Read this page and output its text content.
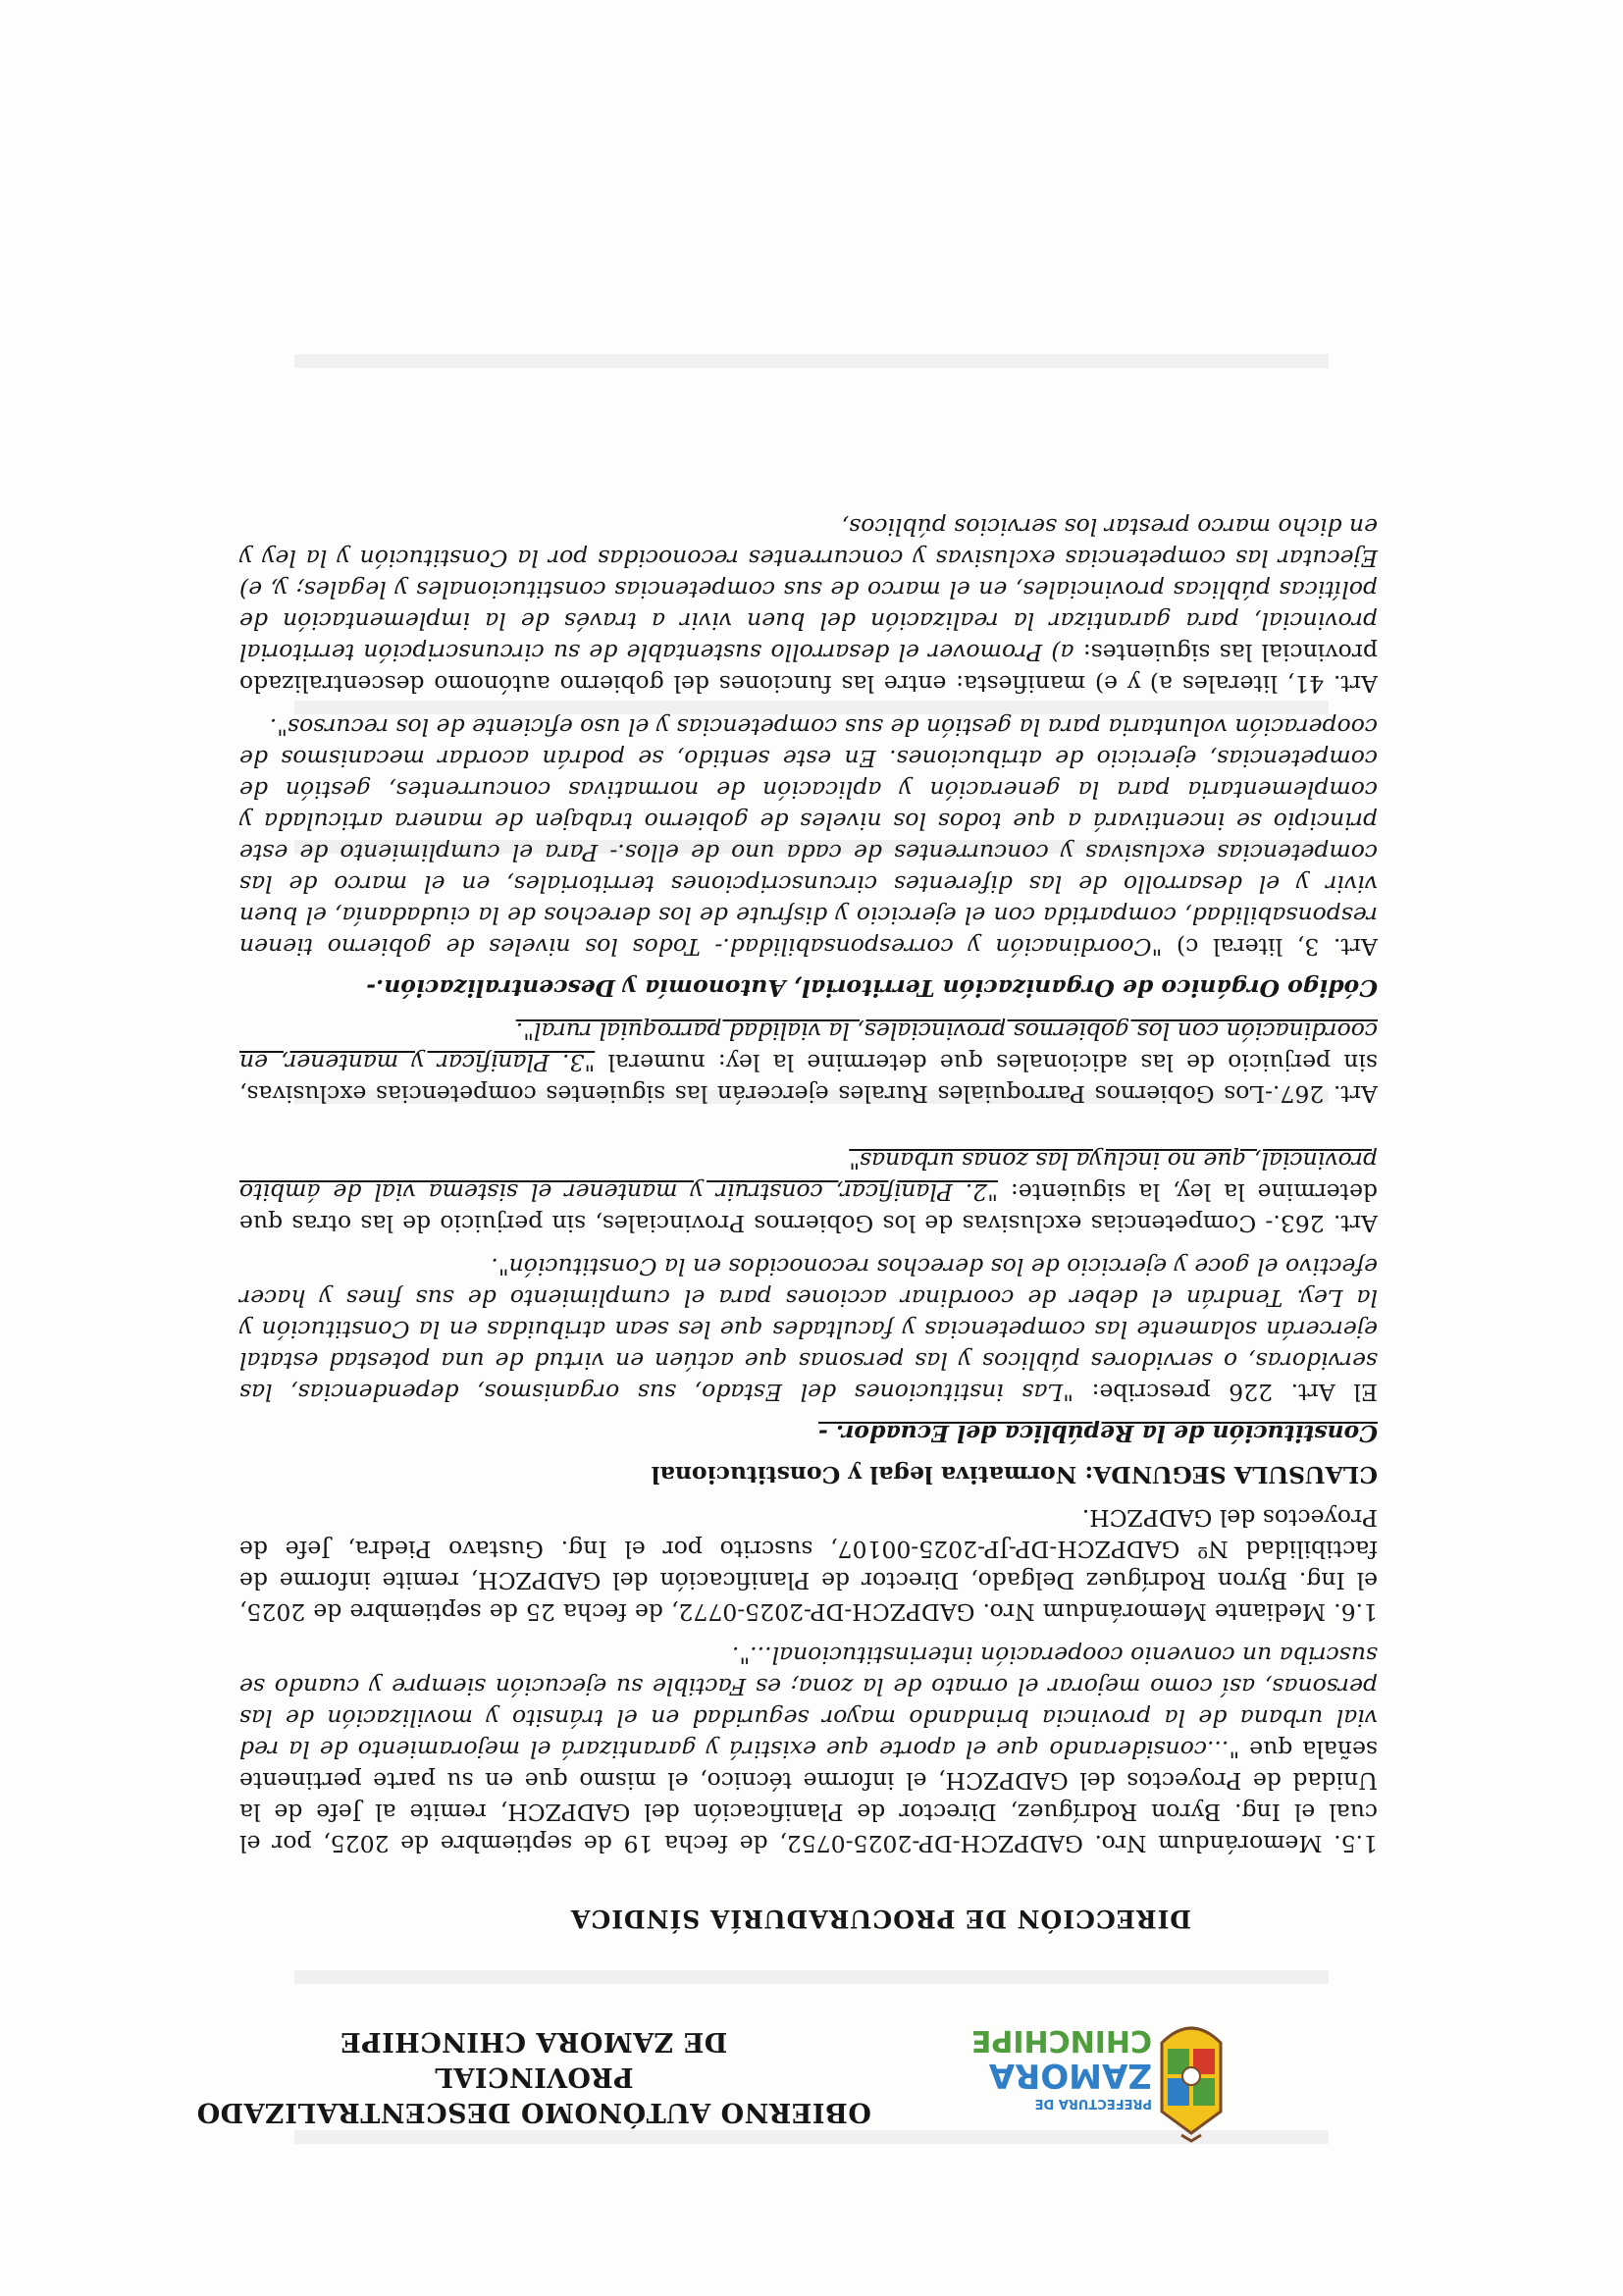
PREFECTURA DE
ZAMORA
CHINCHIPE

OBIERNO AUTÓNOMO DESCENTRALIZADO PROVINCIAL

DE ZAMORA CHINCHIPE

DIRECCIÓN DE PROCURADURÍA SÍNDICA

1.5. Memorándum Nro. GADPZCH-DP-2025-0752, de fecha 19 de septiembre de 2025, por el cual el Ing. Byron Rodríguez, Director de Planificación del GADPZCH, remite al Jefe de la Unidad de Proyectos del GADPZCH, el informe técnico, el mismo que en su parte pertinente señala que "...considerando que el aporte que existirá y garantizará el mejoramiento de la red vial urbana de la provincia brindando mayor seguridad en el tránsito y movilización de las personas, así como mejorar el ornato de la zona; es Factible su ejecución siempre y cuando se suscriba un convenio cooperación interinstitucional...".

1.6. Mediante Memorándum Nro. GADPZCH-DP-2025-0772, de fecha 25 de septiembre de 2025, el Ing. Byron Rodríguez Delgado, Director de Planificación del GADPZCH, remite informe de factibilidad Nº GADPZCH-DP-JP-2025-00107, suscrito por el Ing. Gustavo Piedra, Jefe de Proyectos del GADPZCH.

CLAUSULA SEGUNDA: Normativa legal y Constitucional

Constitución de la República del Ecuador. -

El Art. 226 prescribe: "Las instituciones del Estado, sus organismos, dependencias, las servidoras, o servidores públicos y las personas que actúen en virtud de una potestad estatal ejercerán solamente las competencias y facultades que les sean atribuidas en la Constitución y la Ley. Tendrán el deber de coordinar acciones para el cumplimiento de sus fines y hacer efectivo el goce y ejercicio de los derechos reconocidos en la Constitución".

Art. 263.- Competencias exclusivas de los Gobiernos Provinciales, sin perjuicio de las otras que determine la ley, la siguiente: "2. Planificar, construir y mantener el sistema vial de ámbito provincial, que no incluya las zonas urbanas"

Art. 267.-Los Gobiernos Parroquiales Rurales ejercerán las siguientes competencias exclusivas, sin perjuicio de las adicionales que determine la ley: numeral "3. Planificar y mantener, en coordinación con los gobiernos provinciales, la vialidad parroquial rural".

Código Orgánico de Organización Territorial, Autonomía y Descentralización.-

Art. 3, literal c) "Coordinación y corresponsabilidad.- Todos los niveles de gobierno tienen responsabilidad, compartida con el ejercicio y disfrute de los derechos de la ciudadanía, el buen vivir y el desarrollo de las diferentes circunscripciones territoriales, en el marco de las competencias exclusivas y concurrentes de cada uno de ellos.- Para el cumplimiento de este principio se incentivará a que todos los niveles de gobierno trabajen de manera articulada y complementaria para la generación y aplicación de normativas concurrentes, gestión de competencias, ejercicio de atribuciones. En este sentido, se podrán acordar mecanismos de cooperación voluntaria para la gestión de sus competencias y el uso eficiente de los recursos".

Art. 41, literales a) y e) manifiesta: entre las funciones del gobierno autónomo descentralizado provincial las siguientes: a) Promover el desarrollo sustentable de su circunscripción territorial provincial, para garantizar la realización del buen vivir a través de la implementación de políticas públicas provinciales, en el marco de sus competencias constitucionales y legales; y, e) Ejecutar las competencias exclusivas y concurrentes reconocidas por la Constitución y la ley y en dicho marco prestar los servicios públicos,
